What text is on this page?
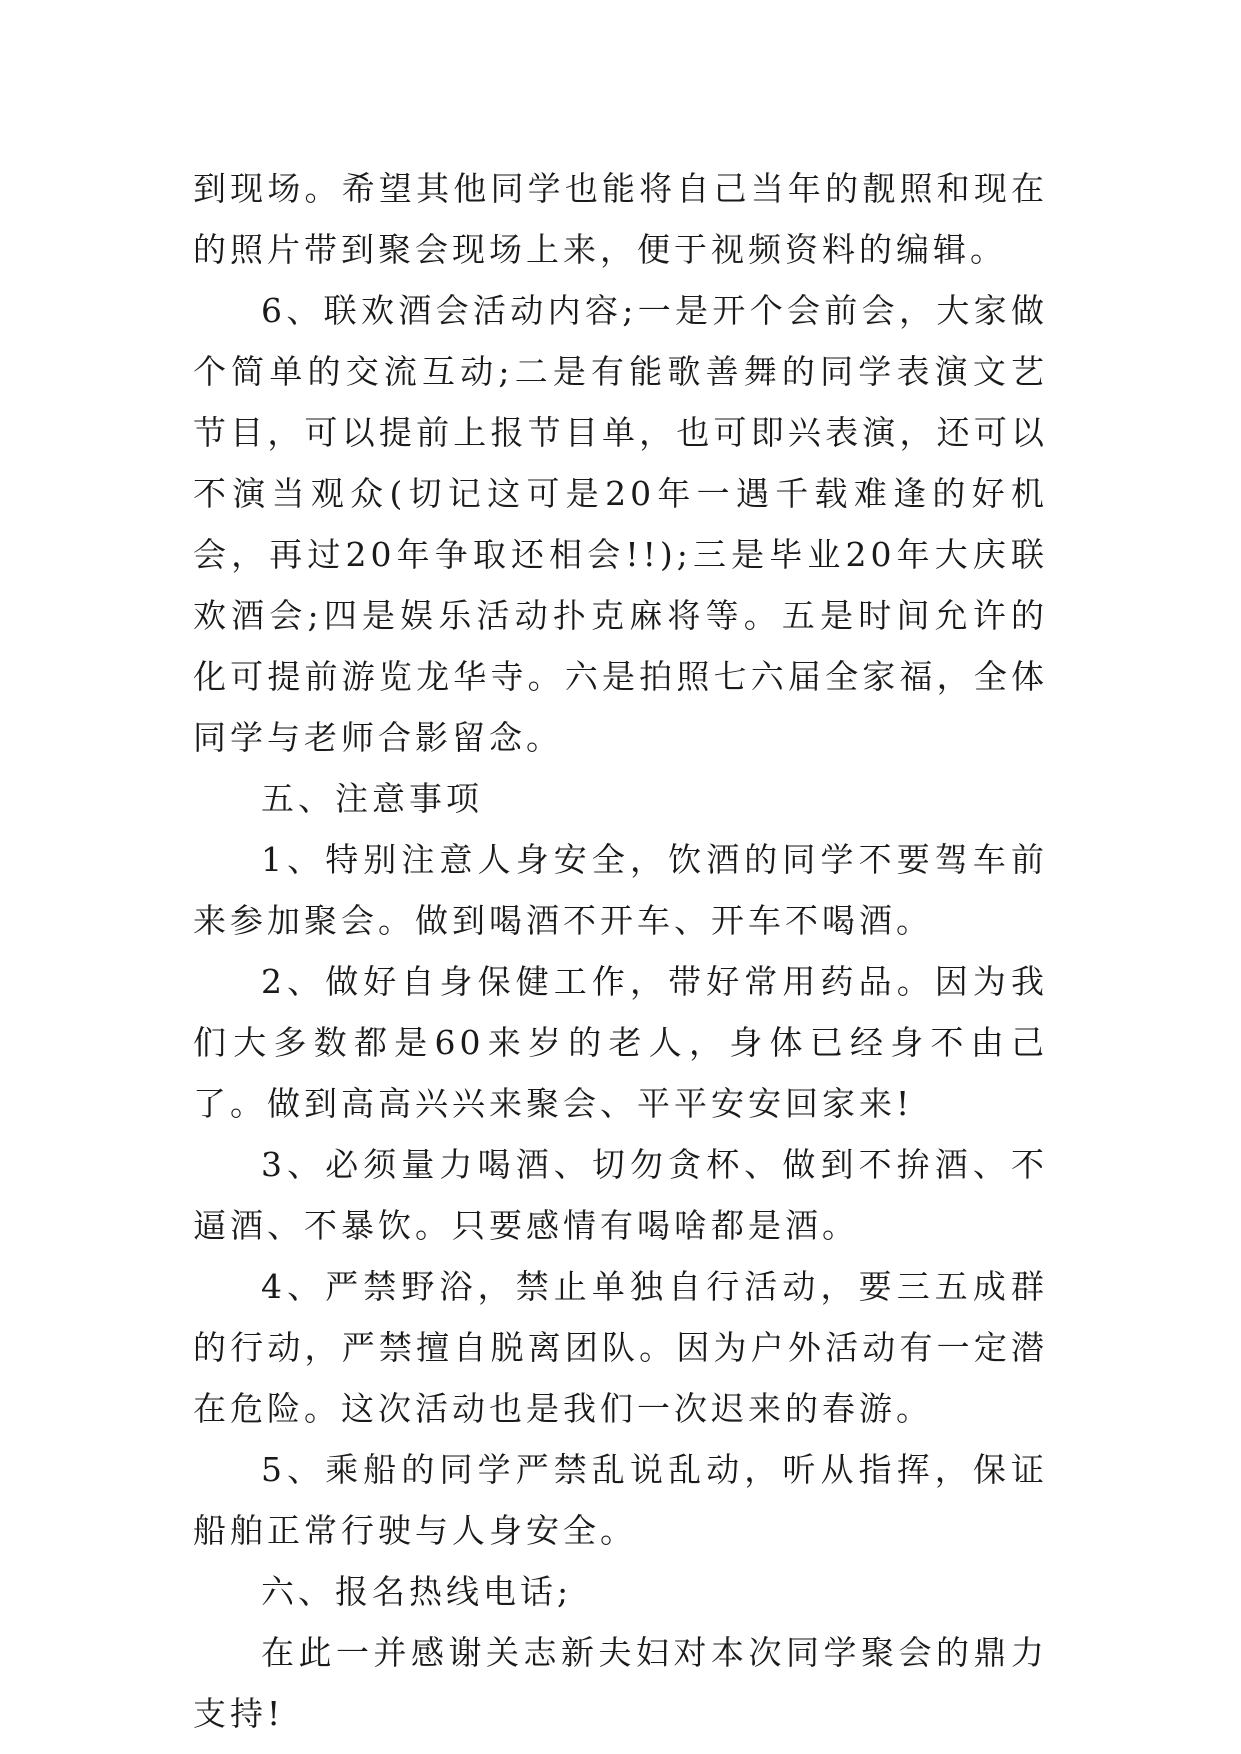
到现场。希望其他同学也能将自己当年的靓照和现在的照片带到聚会现场上来，便于视频资料的编辑。

6、联欢酒会活动内容;一是开个会前会，大家做个简单的交流互动;二是有能歌善舞的同学表演文艺节目，可以提前上报节目单，也可即兴表演，还可以不演当观众(切记这可是20年一遇千载难逢的好机会，再过20年争取还相会!!);三是毕业20年大庆联欢酒会;四是娱乐活动扑克麻将等。五是时间允许的化可提前游览龙华寺。六是拍照七六届全家福，全体同学与老师合影留念。

五、注意事项

1、特别注意人身安全，饮酒的同学不要驾车前来参加聚会。做到喝酒不开车、开车不喝酒。

2、做好自身保健工作，带好常用药品。因为我们大多数都是60来岁的老人，身体已经身不由己了。做到高高兴兴来聚会、平平安安回家来!

3、必须量力喝酒、切勿贪杯、做到不拚酒、不逼酒、不暴饮。只要感情有喝啥都是酒。

4、严禁野浴，禁止单独自行活动，要三五成群的行动，严禁擅自脱离团队。因为户外活动有一定潜在危险。这次活动也是我们一次迟来的春游。

5、乘船的同学严禁乱说乱动，听从指挥，保证船舶正常行驶与人身安全。

六、报名热线电话;

在此一并感谢关志新夫妇对本次同学聚会的鼎力支持!
